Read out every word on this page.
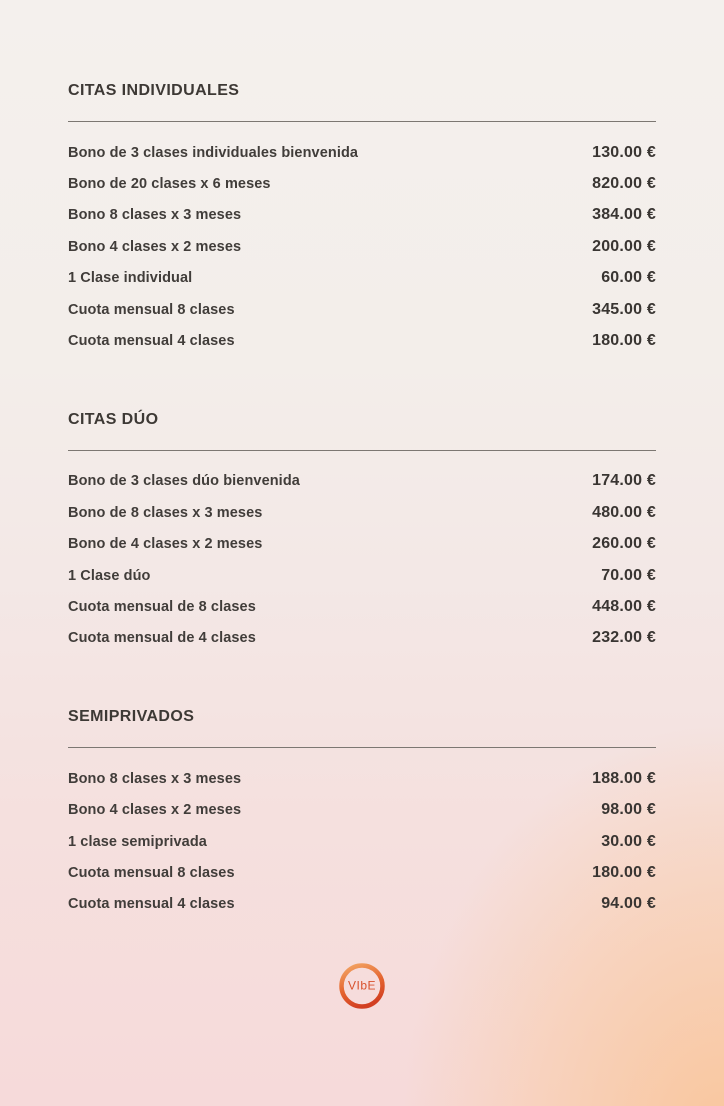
CITAS INDIVIDUALES
Bono de 3 clases individuales bienvenida	130.00 €
Bono de 20 clases x 6 meses	820.00 €
Bono 8 clases x 3 meses	384.00 €
Bono 4 clases x 2 meses	200.00 €
1 Clase individual	60.00 €
Cuota mensual 8 clases	345.00 €
Cuota mensual 4 clases	180.00 €
CITAS DÚO
Bono de 3 clases dúo bienvenida	174.00 €
Bono de 8 clases x 3 meses	480.00 €
Bono de 4 clases x 2 meses	260.00 €
1 Clase dúo	70.00 €
Cuota mensual de 8 clases	448.00 €
Cuota mensual de 4 clases	232.00 €
SEMIPRIVADOS
Bono 8 clases x 3 meses	188.00 €
Bono 4 clases x 2 meses	98.00 €
1 clase semiprivada	30.00 €
Cuota mensual 8 clases	180.00 €
Cuota mensual 4 clases	94.00 €
VIbE
